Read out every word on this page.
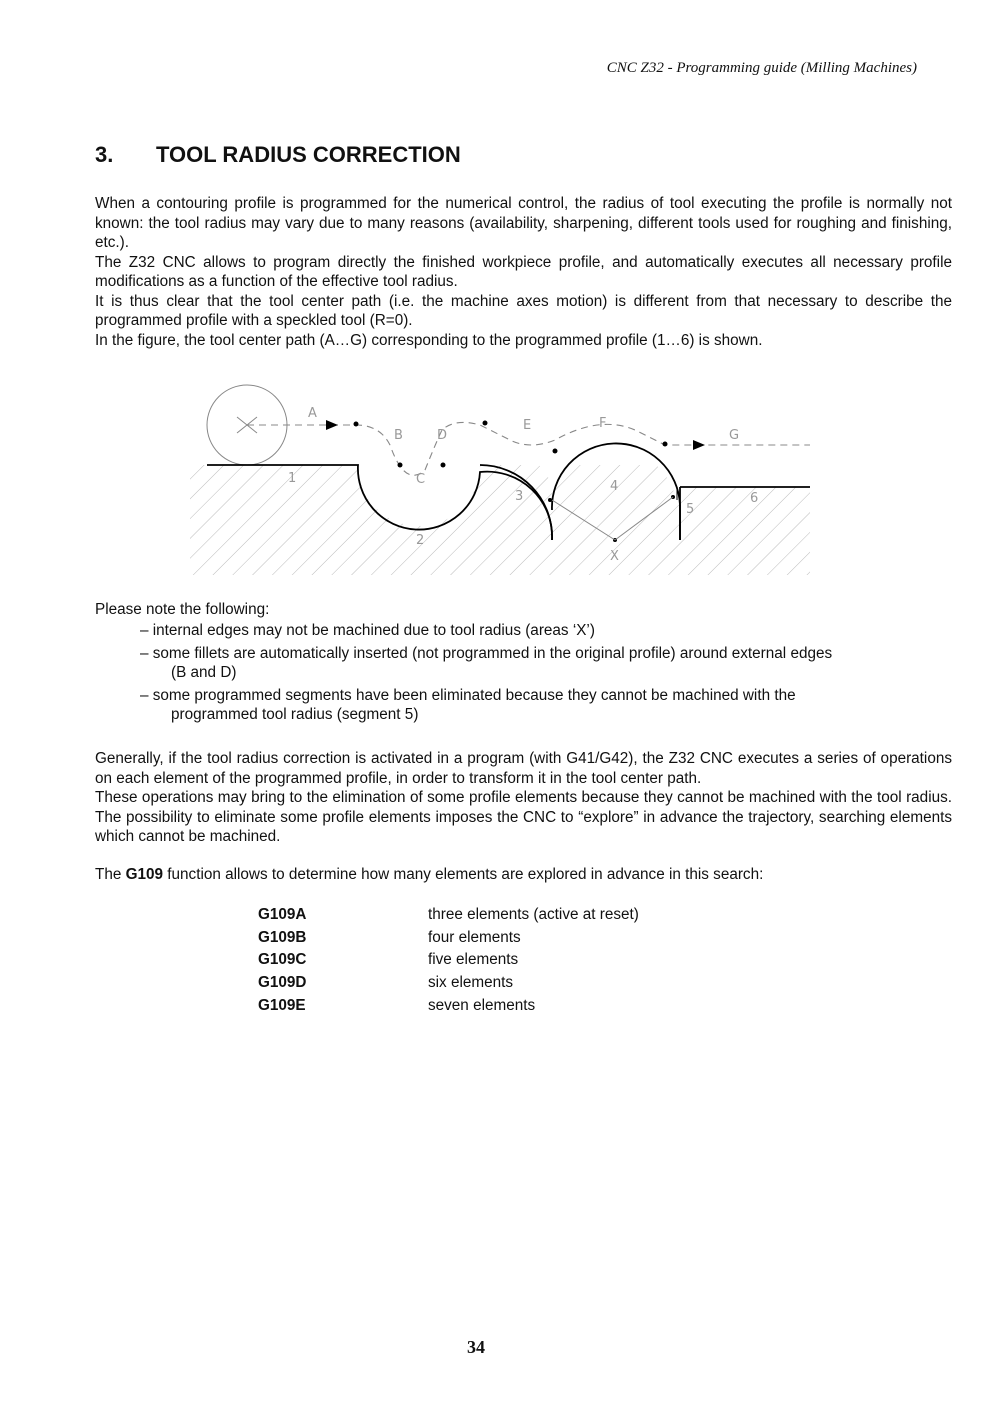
CNC Z32 - Programming guide (Milling Machines)
3. TOOL RADIUS CORRECTION

When a contouring profile is programmed for the numerical control, the radius of tool executing the profile is normally not known: the tool radius may vary due to many reasons (availability, sharpening, different tools used for roughing and finishing, etc.).

The Z32 CNC allows to program directly the finished workpiece profile, and automatically executes all necessary profile modifications as a function of the effective tool radius.

It is thus clear that the tool center path (i.e. the machine axes motion) is different from that necessary to describe the programmed profile with a speckled tool (R=0).

In the figure, the tool center path (A…G) corresponding to the programmed profile (1…6) is shown.

A
B
C
D
E	F
G
1
2
3
4
5
6
X
Please note the following:
– internal edges may not be machined due to tool radius (areas ‘X’)
– some fillets are automatically inserted (not programmed in the original profile) around external edges
(B and D)
– some programmed segments have been eliminated because they cannot be machined with the
programmed tool radius (segment 5)

Generally, if the tool radius correction is activated in a program (with G41/G42), the Z32 CNC executes a series of operations on each element of the programmed profile, in order to transform it in the tool center path.

These operations may bring to the elimination of some profile elements because they cannot be machined with the tool radius. The possibility to eliminate some profile elements imposes the CNC to “explore” in advance the trajectory, searching elements which cannot be machined.

The G109 function allows to determine how many elements are explored in advance in this search:
G109A	three elements (active at reset)
G109B	four elements
G109C	five elements
G109D	six elements
G109E	seven elements
34
